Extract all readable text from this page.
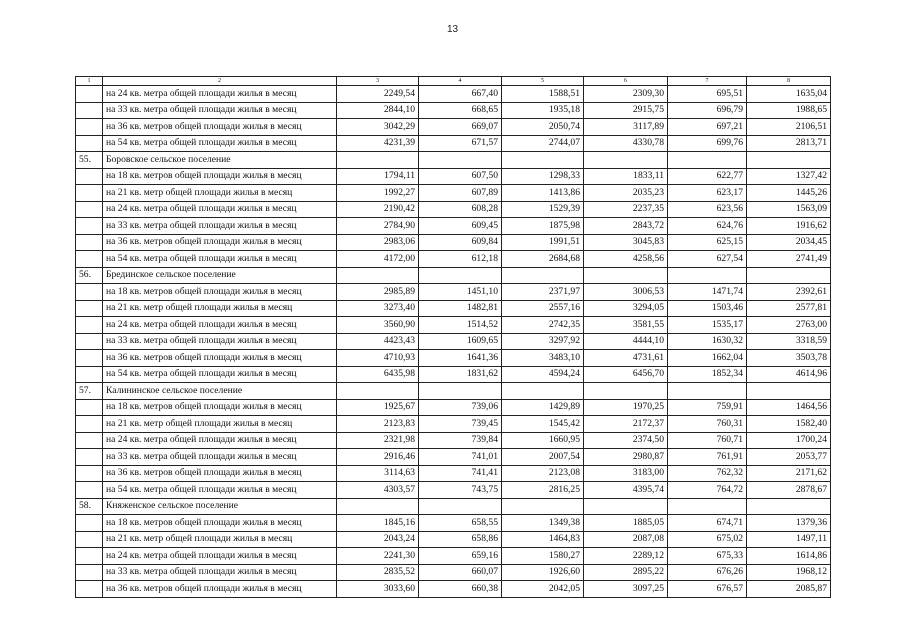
13
1	2	3	4	5	6	7	8
	на 24 кв. метра общей площади жилья в месяц	2249,54	667,40	1588,51	2309,30	695,51	1635,04
	на 33 кв. метра общей площади жилья в месяц	2844,10	668,65	1935,18	2915,75	696,79	1988,65
	на 36 кв. метров общей площади жилья в месяц	3042,29	669,07	2050,74	3117,89	697,21	2106,51
	на 54 кв. метра общей площади жилья в месяц	4231,39	671,57	2744,07	4330,78	699,76	2813,71
55.	Боровское сельское поселение						
	на 18 кв. метров общей площади жилья в месяц	1794,11	607,50	1298,33	1833,11	622,77	1327,42
	на 21 кв. метр общей площади жилья в месяц	1992,27	607,89	1413,86	2035,23	623,17	1445,26
	на 24 кв. метра общей площади жилья в месяц	2190,42	608,28	1529,39	2237,35	623,56	1563,09
	на 33 кв. метра общей площади жилья в месяц	2784,90	609,45	1875,98	2843,72	624,76	1916,62
	на 36 кв. метров общей площади жилья в месяц	2983,06	609,84	1991,51	3045,83	625,15	2034,45
	на 54 кв. метра общей площади жилья в месяц	4172,00	612,18	2684,68	4258,56	627,54	2741,49
56.	Брединское сельское поселение						
	на 18 кв. метров общей площади жилья в месяц	2985,89	1451,10	2371,97	3006,53	1471,74	2392,61
	на 21 кв. метр общей площади жилья в месяц	3273,40	1482,81	2557,16	3294,05	1503,46	2577,81
	на 24 кв. метра общей площади жилья в месяц	3560,90	1514,52	2742,35	3581,55	1535,17	2763,00
	на 33 кв. метра общей площади жилья в месяц	4423,43	1609,65	3297,92	4444,10	1630,32	3318,59
	на 36 кв. метров общей площади жилья в месяц	4710,93	1641,36	3483,10	4731,61	1662,04	3503,78
	на 54 кв. метра общей площади жилья в месяц	6435,98	1831,62	4594,24	6456,70	1852,34	4614,96
57.	Калининское сельское поселение						
	на 18 кв. метров общей площади жилья в месяц	1925,67	739,06	1429,89	1970,25	759,91	1464,56
	на 21 кв. метр общей площади жилья в месяц	2123,83	739,45	1545,42	2172,37	760,31	1582,40
	на 24 кв. метра общей площади жилья в месяц	2321,98	739,84	1660,95	2374,50	760,71	1700,24
	на 33 кв. метра общей площади жилья в месяц	2916,46	741,01	2007,54	2980,87	761,91	2053,77
	на 36 кв. метров общей площади жилья в месяц	3114,63	741,41	2123,08	3183,00	762,32	2171,62
	на 54 кв. метра общей площади жилья в месяц	4303,57	743,75	2816,25	4395,74	764,72	2878,67
58.	Княженское сельское поселение						
	на 18 кв. метров общей площади жилья в месяц	1845,16	658,55	1349,38	1885,05	674,71	1379,36
	на 21 кв. метр общей площади жилья в месяц	2043,24	658,86	1464,83	2087,08	675,02	1497,11
	на 24 кв. метра общей площади жилья в месяц	2241,30	659,16	1580,27	2289,12	675,33	1614,86
	на 33 кв. метра общей площади жилья в месяц	2835,52	660,07	1926,60	2895,22	676,26	1968,12
	на 36 кв. метров общей площади жилья в месяц	3033,60	660,38	2042,05	3097,25	676,57	2085,87
